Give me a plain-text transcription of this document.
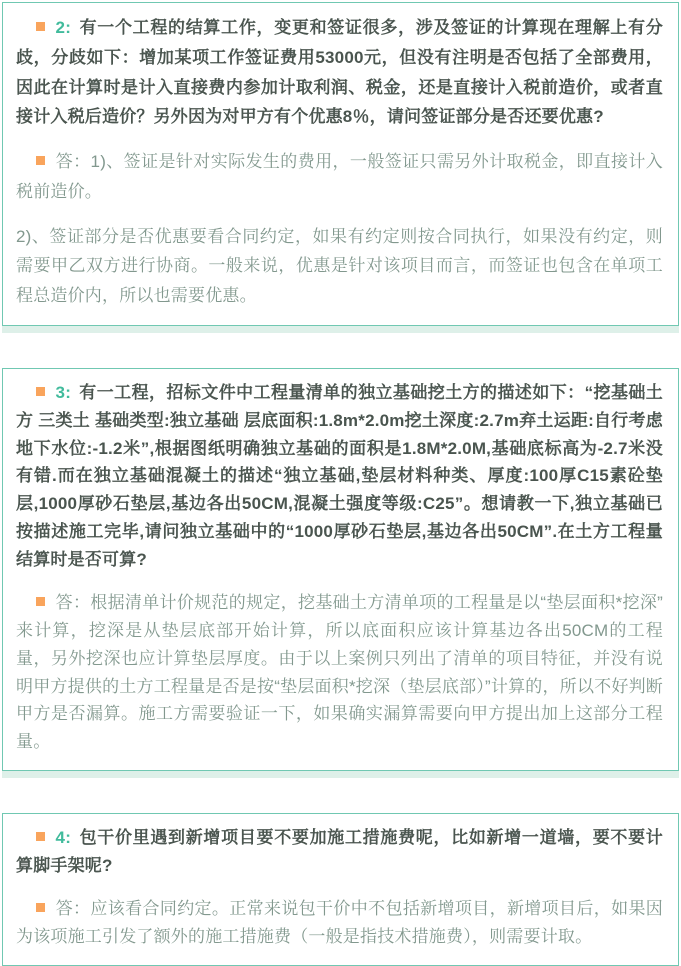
2: 有一个工程的结算工作，变更和签证很多，涉及签证的计算现在理解上有分歧，分歧如下：增加某项工作签证费用53000元，但没有注明是否包括了全部费用，因此在计算时是计入直接费内参加计取利润、税金，还是直接计入税前造价，或者直接计入税后造价？另外因为对甲方有个优惠8％，请问签证部分是否还要优惠?

答：1)、签证是针对实际发生的费用，一般签证只需另外计取税金，即直接计入税前造价。

2)、签证部分是否优惠要看合同约定，如果有约定则按合同执行，如果没有约定，则需要甲乙双方进行协商。一般来说，优惠是针对该项目而言，而签证也包含在单项工程总造价内，所以也需要优惠。

3: 有一工程，招标文件中工程量清单的独立基础挖土方的描述如下：“挖基础土方 三类土 基础类型:独立基础 层底面积:1.8m*2.0m挖土深度:2.7m弃土运距:自行考虑 地下水位:-1.2米”,根据图纸明确独立基础的面积是1.8M*2.0M,基础底标高为-2.7米没有错.而在独立基础混凝土的描述“独立基础,垫层材料种类、厚度:100厚C15素砼垫层,1000厚砂石垫层,基边各出50CM,混凝土强度等级:C25”。想请教一下,独立基础已按描述施工完毕,请问独立基础中的“1000厚砂石垫层,基边各出50CM”.在土方工程量结算时是否可算?

答：根据清单计价规范的规定，挖基础土方清单项的工程量是以“垫层面积*挖深”来计算，挖深是从垫层底部开始计算，所以底面积应该计算基边各出50CM的工程量，另外挖深也应计算垫层厚度。由于以上案例只列出了清单的项目特征，并没有说明甲方提供的土方工程量是否是按“垫层面积*挖深（垫层底部）”计算的，所以不好判断甲方是否漏算。施工方需要验证一下，如果确实漏算需要向甲方提出加上这部分工程量。

4: 包干价里遇到新增项目要不要加施工措施费呢，比如新增一道墙，要不要计算脚手架呢?

答：应该看合同约定。正常来说包干价中不包括新增项目，新增项目后，如果因为该项施工引发了额外的施工措施费（一般是指技术措施费），则需要计取。
